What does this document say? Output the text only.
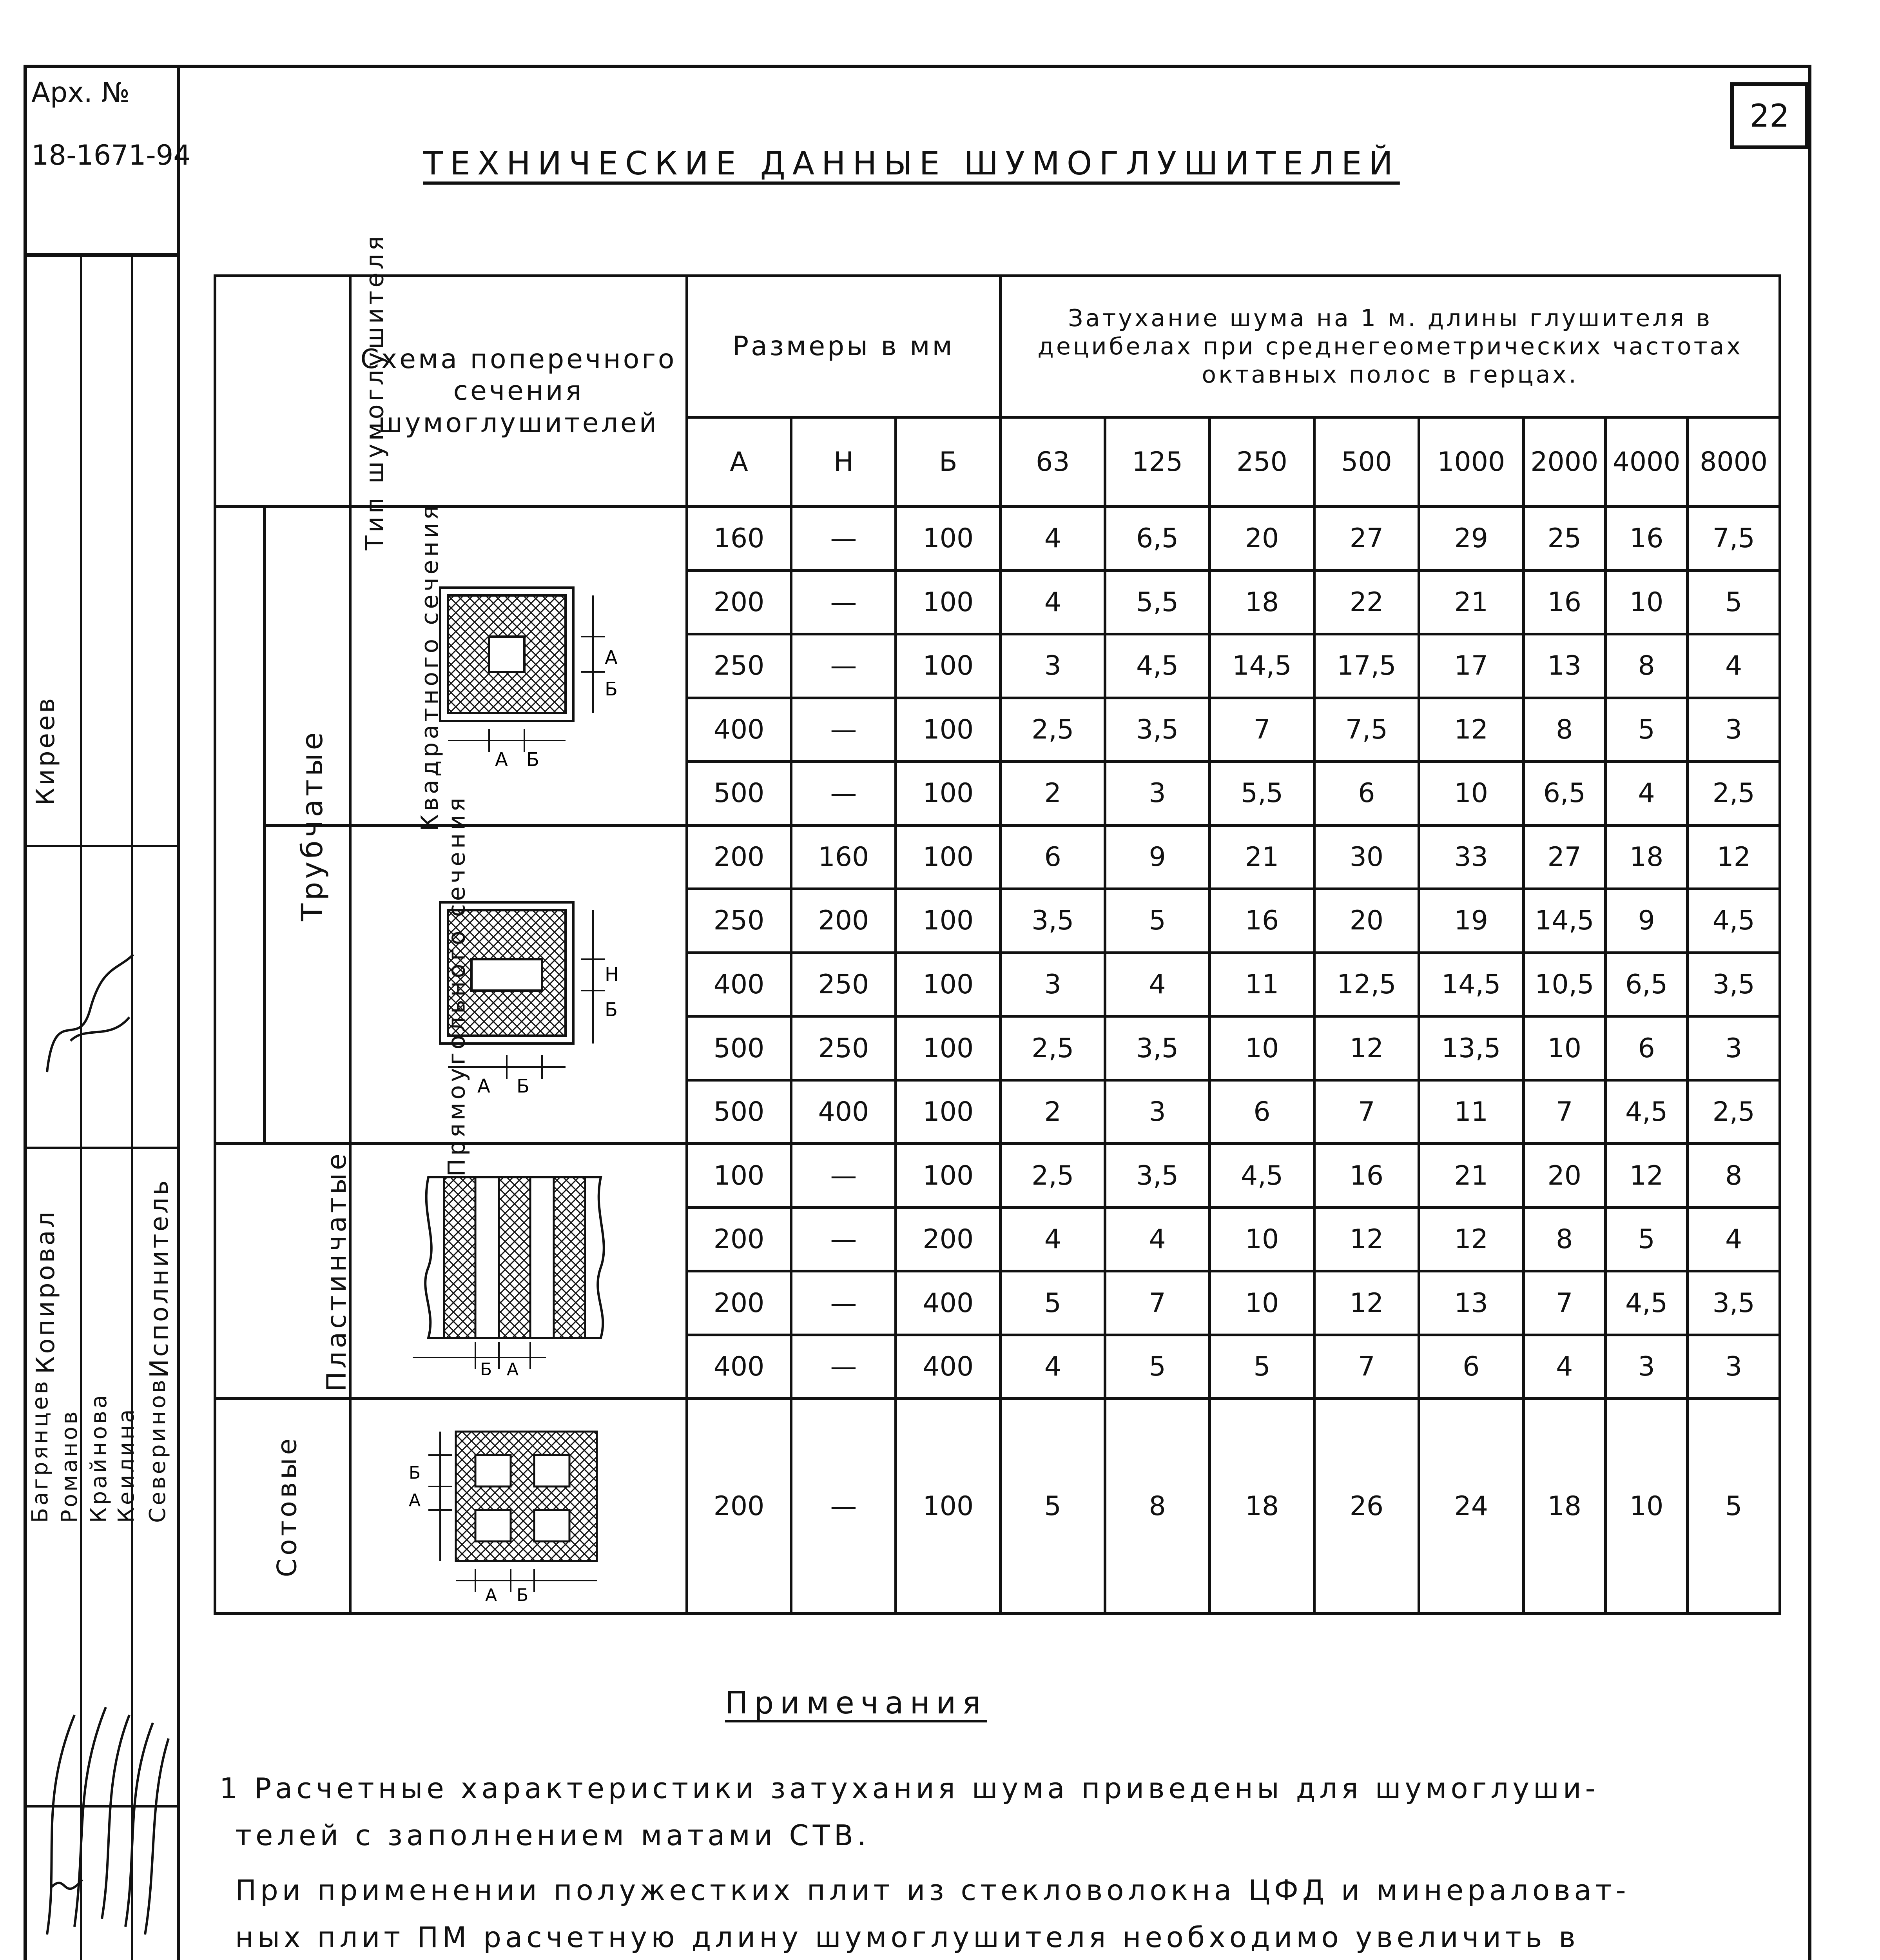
Арх. №
18-1671-94
22
ТЕХНИЧЕСКИЕ ДАННЫЕ ШУМОГЛУШИТЕЛЕЙ
Киреев
Копировал	Исполнитель
Багрянцев Романов Крайнова Кеилина Северинов
Тип шумоглушителя		Схема поперечного сечения шумоглушителей	Размеры в мм			Затухание шума на 1 м. длины глушителя в децибелах при среднегеометрических частотах октавных полос в герцах.							
			А	Н	Б	63	125	250	500	1000	2000	4000	8000
Трубчатые	Квадратного сечения	А Б
А
Б	160	—	100	4	6,5	20	27	29	25	16	7,5
			200	—	100	4	5,5	18	22	21	16	10	5
			250	—	100	3	4,5	14,5	17,5	17	13	8	4
			400	—	100	2,5	3,5	7	7,5	12	8	5	3
			500	—	100	2	3	5,5	6	10	6,5	4	2,5
	Прямоугольного сечения	А Б
Н
Б	200	160	100	6	9	21	30	33	27	18	12
			250	200	100	3,5	5	16	20	19	14,5	9	4,5
			400	250	100	3	4	11	12,5	14,5	10,5	6,5	3,5
			500	250	100	2,5	3,5	10	12	13,5	10	6	3
			500	400	100	2	3	6	7	11	7	4,5	2,5
Пластинчатые		Б А	100	—	100	2,5	3,5	4,5	16	21	20	12	8
			200	—	200	4	4	10	12	12	8	5	4
			200	—	400	5	7	10	12	13	7	4,5	3,5
			400	—	400	4	5	5	7	6	4	3	3
Сотовые		Б
А
А Б	200	—	100	5	8	18	26	24	18	10	5
Примечания
1 Расчетные характеристики затухания шума приведены для шумоглуши-
телей с заполнением матами СТВ.
При применении полужестких плит из стекловолокна ЦФД и минераловат-
ных плит ПМ расчетную длину шумоглушителя необходимо увеличить в
